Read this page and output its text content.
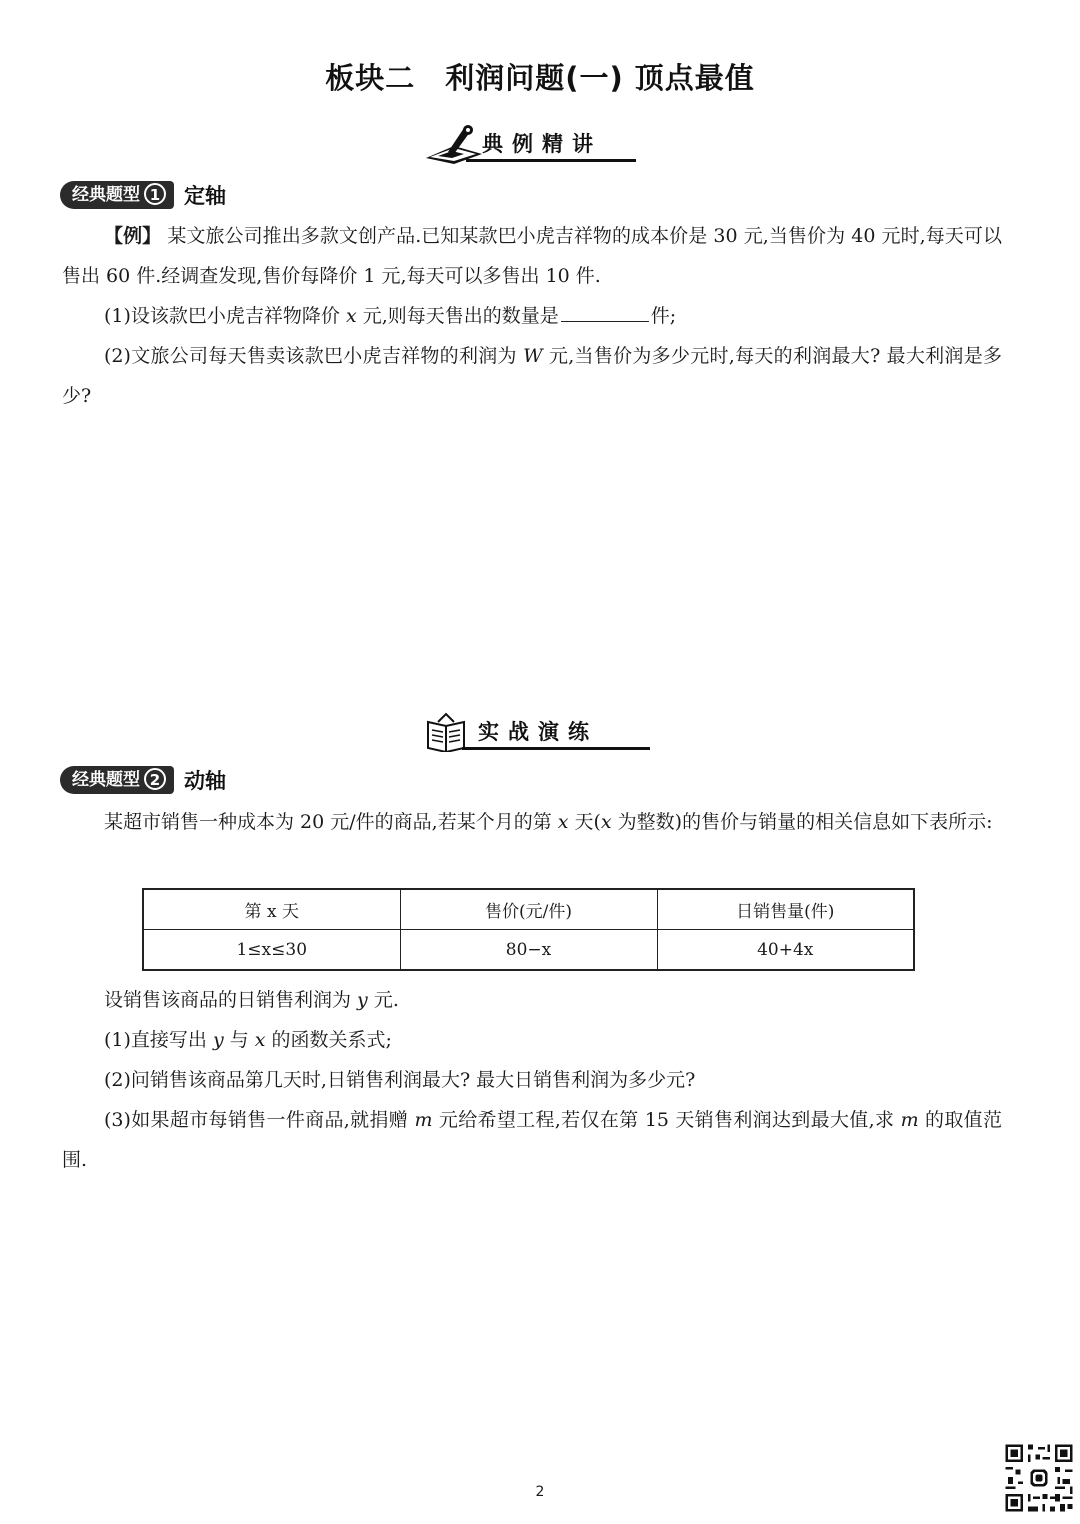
板块二　利润问题(一) 顶点最值
典例精讲
经典题型 1 定轴
【例】 某文旅公司推出多款文创产品.已知某款巴小虎吉祥物的成本价是 30 元,当售价为 40 元时,每天可以售出 60 件.经调查发现,售价每降价 1 元,每天可以多售出 10 件.
(1)设该款巴小虎吉祥物降价 x 元,则每天售出的数量是	件;
(2)文旅公司每天售卖该款巴小虎吉祥物的利润为 W 元,当售价为多少元时,每天的利润最大? 最大利润是多少?
实战演练
经典题型 2 动轴
某超市销售一种成本为 20 元/件的商品,若某个月的第 x 天(x 为整数)的售价与销量的相关信息如下表所示:
第 x 天	售价(元/件)	日销售量(件)
1≤x≤30	80−x	40+4x
设销售该商品的日销售利润为 y 元.
(1)直接写出 y 与 x 的函数关系式;
(2)问销售该商品第几天时,日销售利润最大? 最大日销售利润为多少元?
(3)如果超市每销售一件商品,就捐赠 m 元给希望工程,若仅在第 15 天销售利润达到最大值,求 m 的取值范围.
2
